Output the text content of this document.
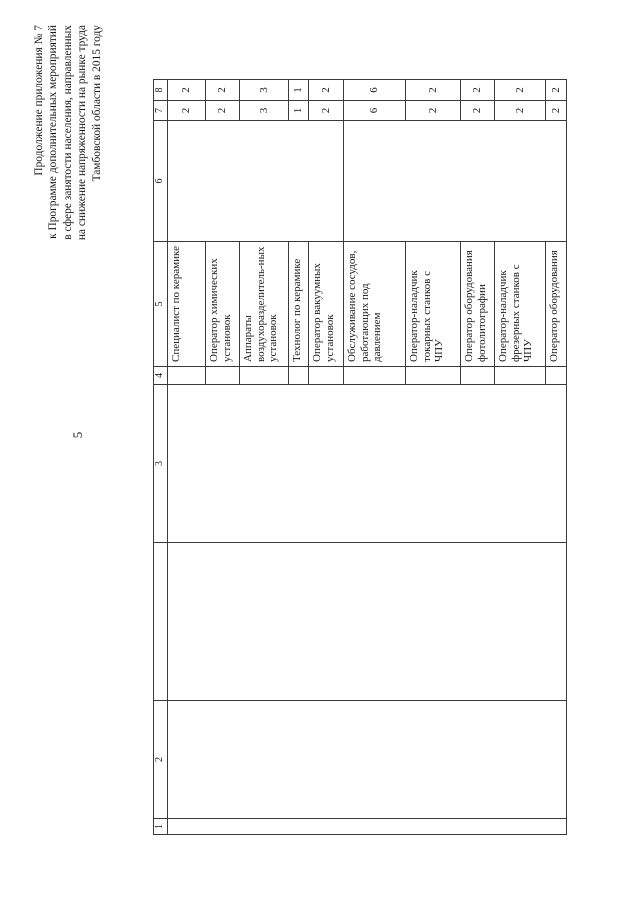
5
Продолжение приложения № 7 к Программе дополнительных мероприятий в сфере занятости населения, направленных на снижение напряженности на рынке труда Тамбовской области в 2015 году
1	2		3	4	5	6	7	8
					Специалист по керамике		2	2
					Оператор химических установок		2	2
					Аппараты воздухоразделитель-ных установок		3	3
					Технолог по керамике		1	1
					Оператор вакуумных установок		2	2
					Обслуживание сосудов, работающих под давлением		6	6
					Оператор-наладчик токарных станков с ЧПУ		2	2
					Оператор оборудования фотолитографии		2	2
					Оператор-наладчик фрезерных станков с ЧПУ		2	2
					Оператор оборудования		2	2
